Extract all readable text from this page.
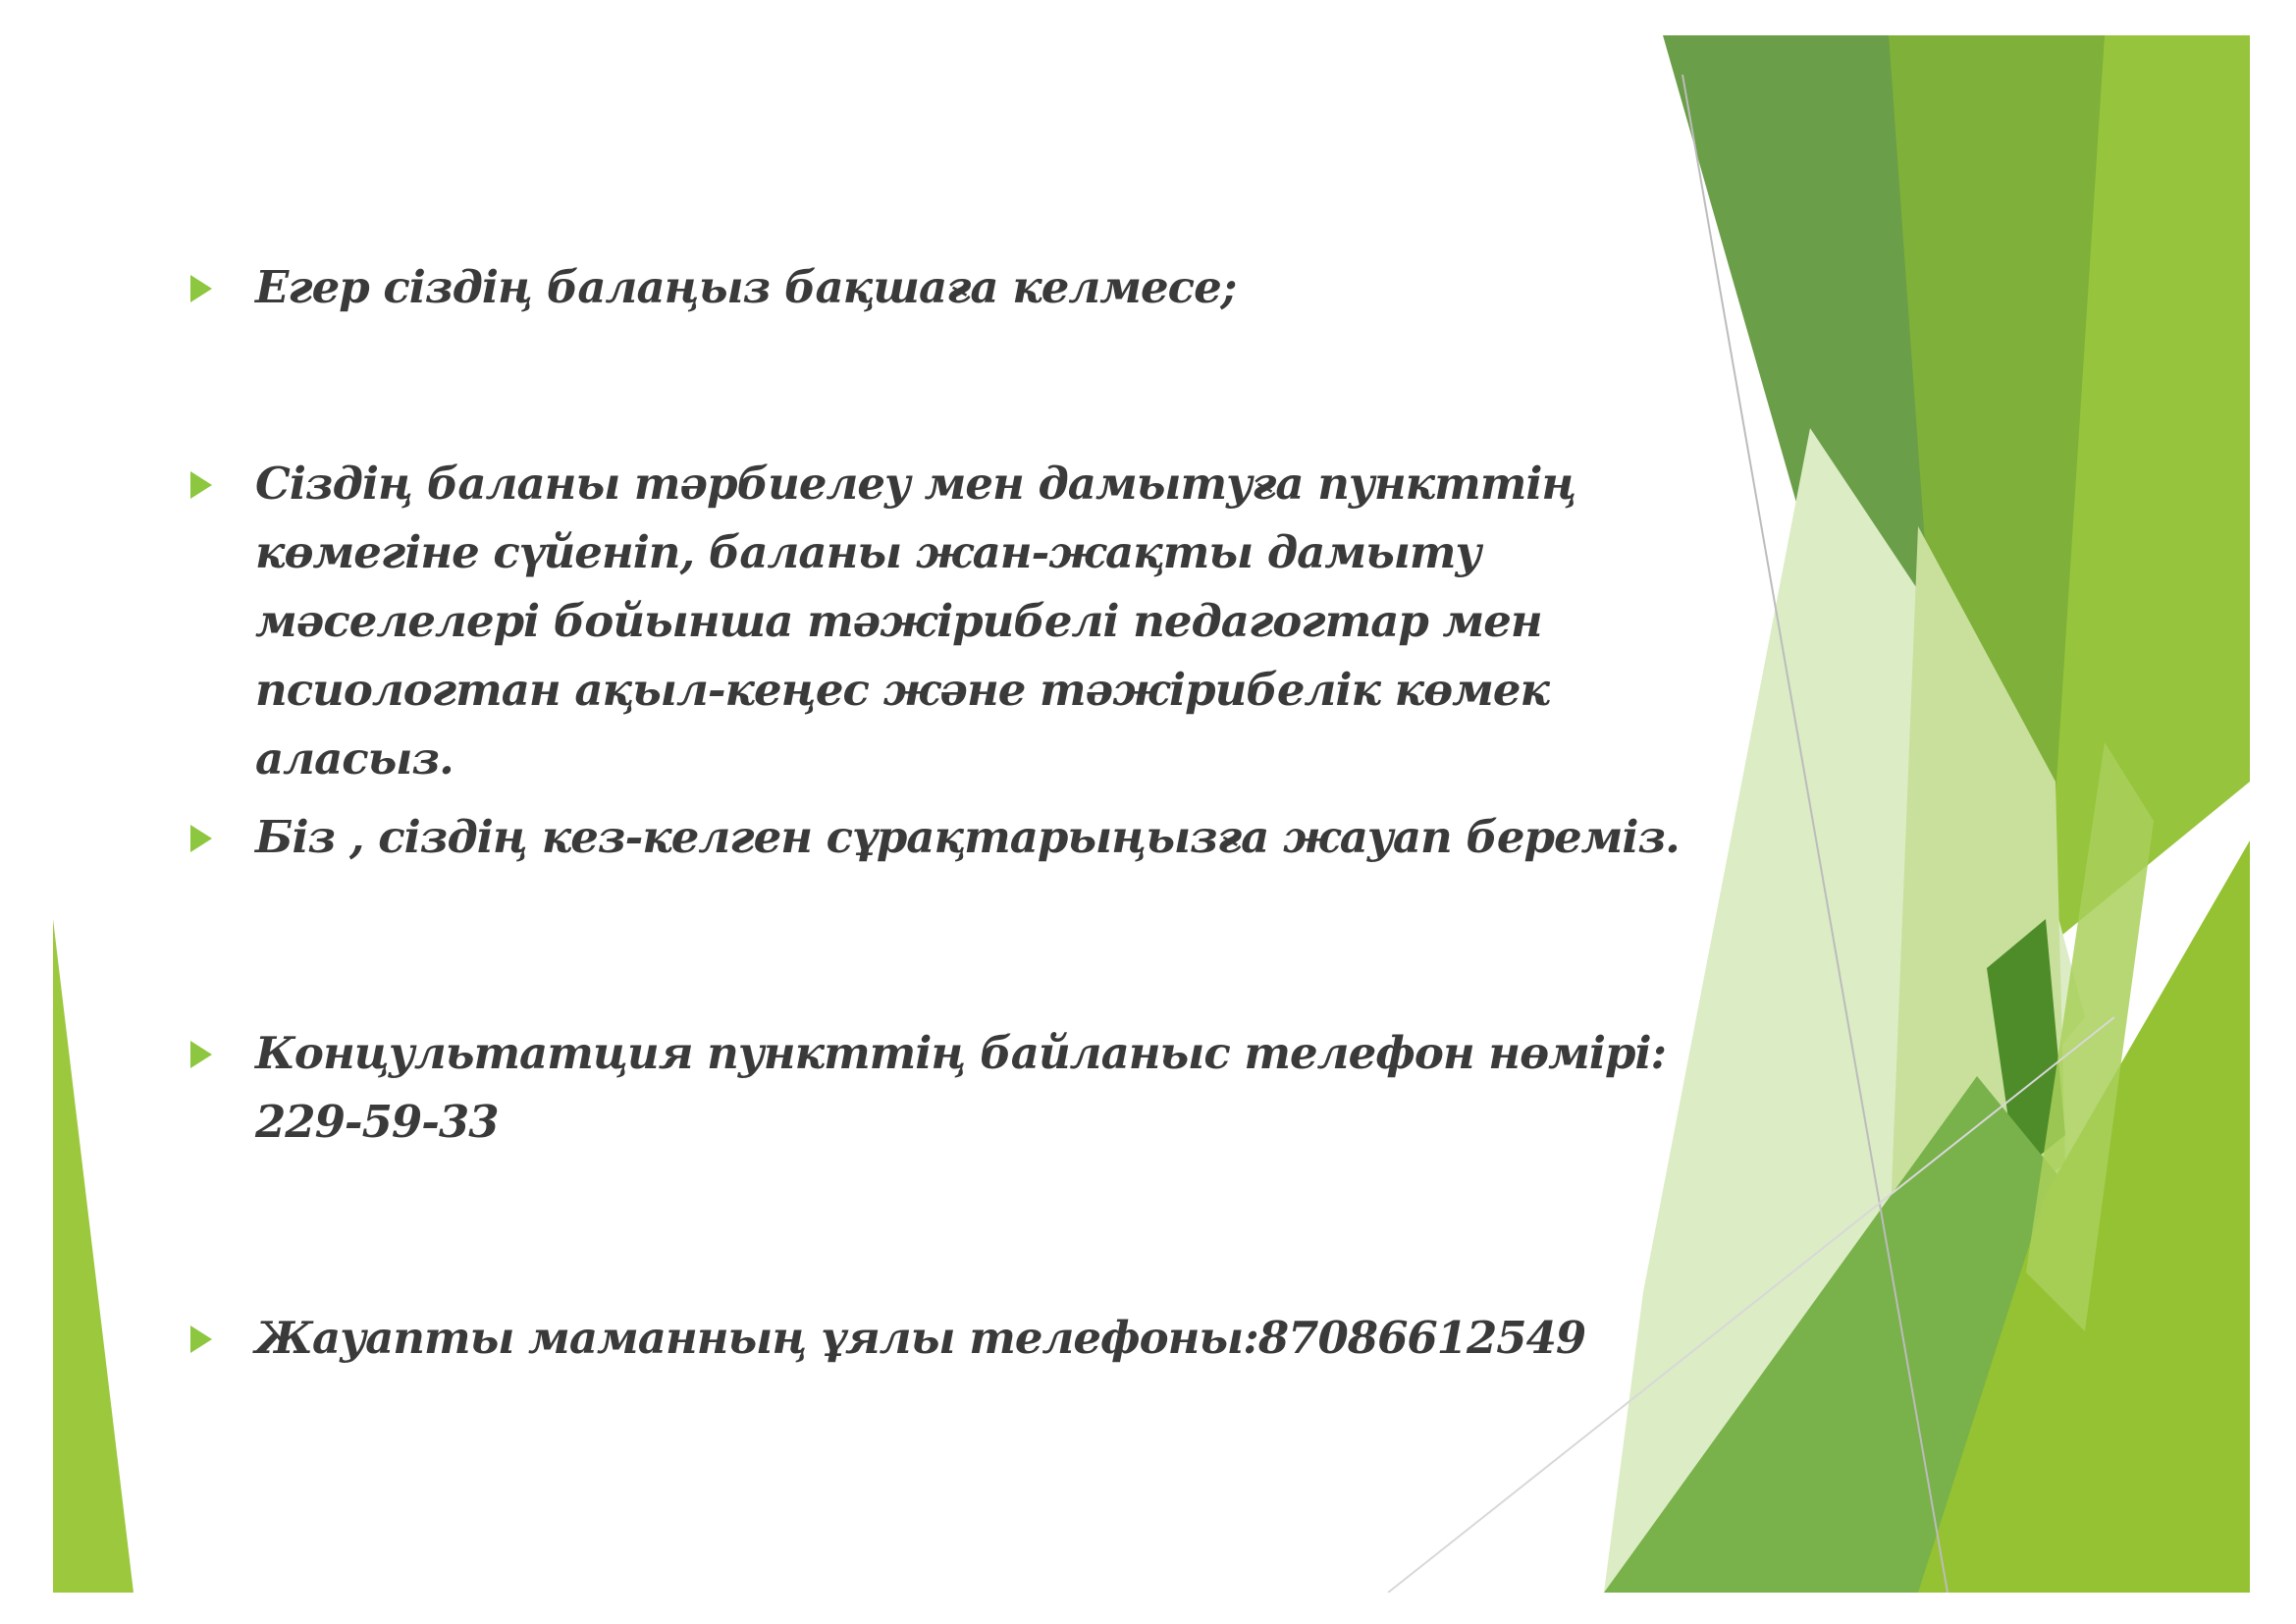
Егер сіздің балаңыз бақшаға келмесе;
Сіздің баланы тәрбиелеу мен дамытуға пункттің көмегіне сүйеніп, баланы жан-жақты дамыту мәселелері бойынша тәжірибелі педагогтар мен псиологтан ақыл-кеңес және тәжірибелік көмек аласыз.
Біз , сіздің кез-келген сұрақтарыңызға жауап береміз.
Концультатция пункттің байланыс телефон нөмірі: 229-59-33
Жауапты маманның ұялы телефоны:87086612549
